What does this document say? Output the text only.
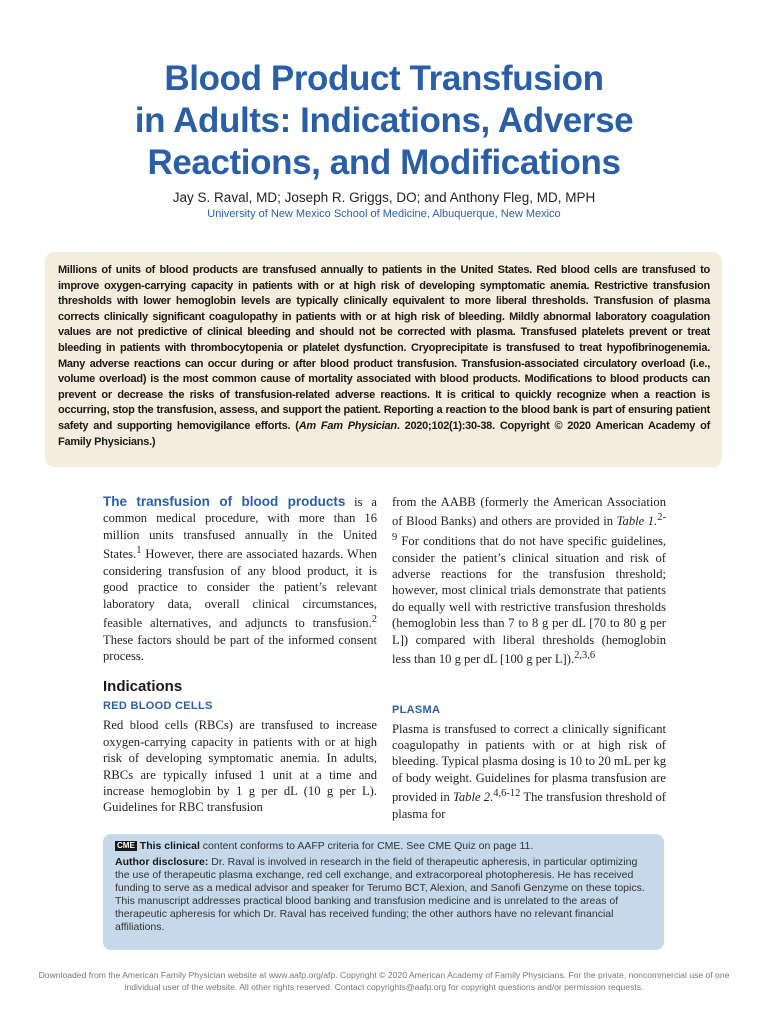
Blood Product Transfusion
in Adults: Indications, Adverse
Reactions, and Modifications
Jay S. Raval, MD; Joseph R. Griggs, DO; and Anthony Fleg, MD, MPH
University of New Mexico School of Medicine, Albuquerque, New Mexico
Millions of units of blood products are transfused annually to patients in the United States. Red blood cells are transfused to improve oxygen-carrying capacity in patients with or at high risk of developing symptomatic anemia. Restrictive transfusion thresholds with lower hemoglobin levels are typically clinically equivalent to more liberal thresholds. Transfusion of plasma corrects clinically significant coagulopathy in patients with or at high risk of bleeding. Mildly abnormal laboratory coagulation values are not predictive of clinical bleeding and should not be corrected with plasma. Transfused platelets prevent or treat bleeding in patients with thrombocytopenia or platelet dysfunction. Cryoprecipitate is transfused to treat hypofibrinogenemia. Many adverse reactions can occur during or after blood product transfusion. Transfusion-associated circulatory overload (i.e., volume overload) is the most common cause of mortality associated with blood products. Modifications to blood products can prevent or decrease the risks of transfusion-related adverse reactions. It is critical to quickly recognize when a reaction is occurring, stop the transfusion, assess, and support the patient. Reporting a reaction to the blood bank is part of ensuring patient safety and supporting hemovigilance efforts. (Am Fam Physician. 2020;102(1):30-38. Copyright © 2020 American Academy of Family Physicians.)

The transfusion of blood products is a common medical procedure, with more than 16 million units transfused annually in the United States.$^1$ However, there are associated hazards. When considering transfusion of any blood product, it is good practice to consider the patient’s relevant laboratory data, overall clinical circumstances, feasible alternatives, and adjuncts to transfusion.$^2$ These factors should be part of the informed consent process.

Indications
RED BLOOD CELLS

Red blood cells (RBCs) are transfused to increase oxygen-carrying capacity in patients with or at high risk of developing symptomatic anemia. In adults, RBCs are typically infused 1 unit at a time and increase hemoglobin by 1 g per dL (10 g per L). Guidelines for RBC transfusion

from the AABB (formerly the American Association of Blood Banks) and others are provided in Table 1.$^{2-9}$ For conditions that do not have specific guidelines, consider the patient’s clinical situation and risk of adverse reactions for the transfusion threshold; however, most clinical trials demonstrate that patients do equally well with restrictive transfusion thresholds (hemoglobin less than 7 to 8 g per dL [70 to 80 g per L]) compared with liberal thresholds (hemoglobin less than 10 g per dL [100 g per L]).$^{2,3,6}$

PLASMA

Plasma is transfused to correct a clinically significant coagulopathy in patients with or at high risk of bleeding. Typical plasma dosing is 10 to 20 mL per kg of body weight. Guidelines for plasma transfusion are provided in Table 2.$^{4,6-12}$ The transfusion threshold of plasma for

CME This clinical content conforms to AAFP criteria for CME. See CME Quiz on page 11.

Author disclosure: Dr. Raval is involved in research in the field of therapeutic apheresis, in particular optimizing the use of therapeutic plasma exchange, red cell exchange, and extracorporeal photopheresis. He has received funding to serve as a medical advisor and speaker for Terumo BCT, Alexion, and Sanofi Genzyme on these topics. This manuscript addresses practical blood banking and transfusion medicine and is unrelated to the areas of therapeutic apheresis for which Dr. Raval has received funding; the other authors have no relevant financial affiliations.

Downloaded from the American Family Physician website at www.aafp.org/afp. Copyright © 2020 American Academy of Family Physicians. For the private, noncommercial use of one individual user of the website. All other rights reserved. Contact copyrights@aafp.org for copyright questions and/or permission requests.
